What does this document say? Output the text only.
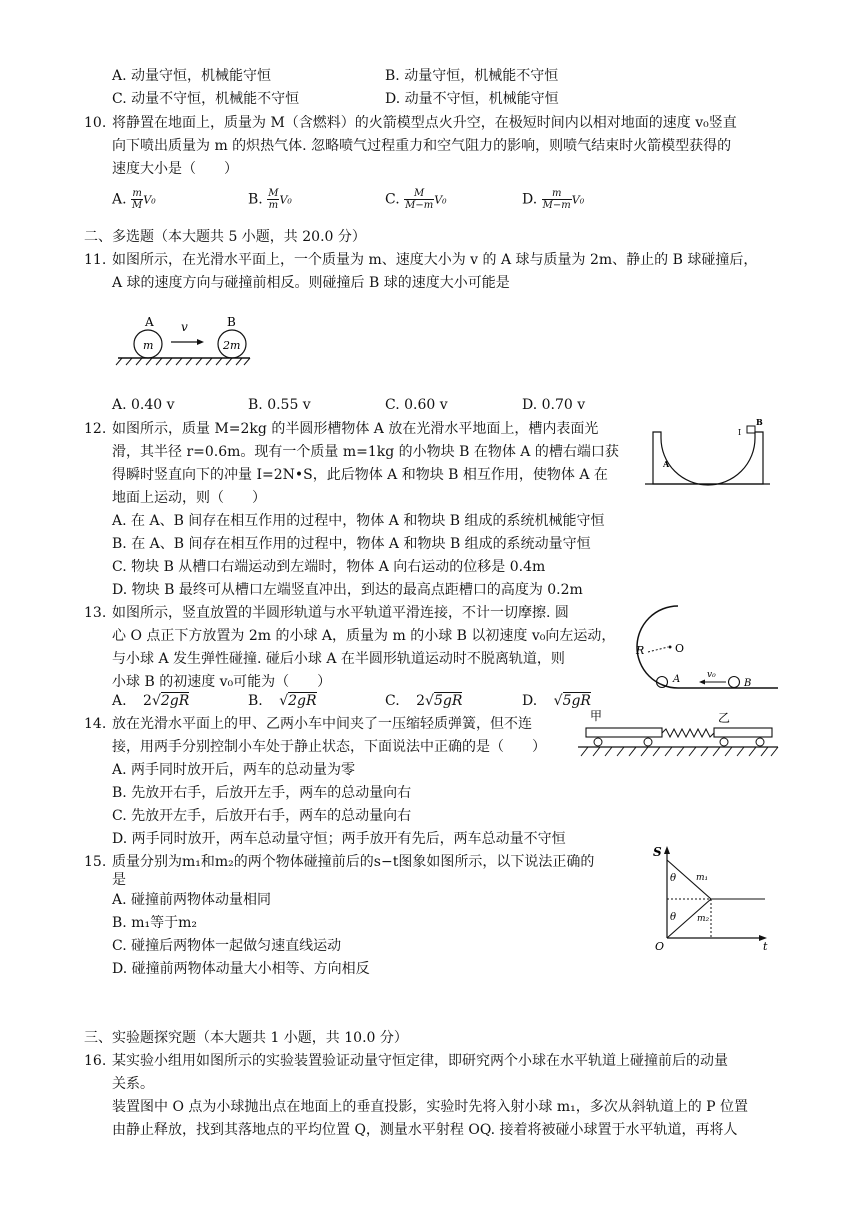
A. 动量守恒，机械能守恒	B. 动量守恒，机械能不守恒
C. 动量不守恒，机械能不守恒	D. 动量不守恒，机械能守恒
10. 将静置在地面上，质量为 M（含燃料）的火箭模型点火升空，在极短时间内以相对地面的速度 v₀竖直
向下喷出质量为 m 的炽热气体. 忽略喷气过程重力和空气阻力的影响，则喷气结束时火箭模型获得的
速度大小是（　　）
A. $\frac{m}{M} V_0$	B. $\frac{M}{m} V_0$	C. $\frac{M}{M-m} V_0$	D. $\frac{m}{M-m} V_0$
二、多选题（本大题共 5 小题，共 20.0 分）
11. 如图所示，在光滑水平面上，一个质量为 m、速度大小为 v 的 A 球与质量为 2m、静止的 B 球碰撞后，
A 球的速度方向与碰撞前相反。则碰撞后 B 球的速度大小可能是
A	B
v
m	2m
A. 0.40 v	B. 0.55 v	C. 0.60 v	D. 0.70 v
12. 如图所示，质量 M=2kg 的半圆形槽物体 A 放在光滑水平地面上，槽内表面光
滑，其半径 r=0.6m。现有一个质量 m=1kg 的小物块 B 在物体 A 的槽右端口获
得瞬时竖直向下的冲量 I=2N•S，此后物体 A 和物块 B 相互作用，使物体 A 在
地面上运动，则（　　）
B
I
A
A. 在 A、B 间存在相互作用的过程中，物体 A 和物块 B 组成的系统机械能守恒
B. 在 A、B 间存在相互作用的过程中，物体 A 和物块 B 组成的系统动量守恒
C. 物块 B 从槽口右端运动到左端时，物体 A 向右运动的位移是 0.4m
D. 物块 B 最终可从槽口左端竖直冲出，到达的最高点距槽口的高度为 0.2m
13. 如图所示，竖直放置的半圆形轨道与水平轨道平滑连接，不计一切摩擦. 圆
心 O 点正下方放置为 2m 的小球 A，质量为 m 的小球 B 以初速度 v₀向左运动，
与小球 A 发生弹性碰撞. 碰后小球 A 在半圆形轨道运动时不脱离轨道，则
小球 B 的初速度 v₀可能为（　　）
R	O
A	B
v₀
A. 2√2gR	B. √2gR	C. 2√5gR	D. √5gR
14. 放在光滑水平面上的甲、乙两小车中间夹了一压缩轻质弹簧，但不连
接，用两手分别控制小车处于静止状态，下面说法中正确的是（　　）
甲	乙
A. 两手同时放开后，两车的总动量为零
B. 先放开右手，后放开左手，两车的总动量向右
C. 先放开左手，后放开右手，两车的总动量向右
D. 两手同时放开，两车总动量守恒；两手放开有先后，两车总动量不守恒
15. 质量分别为m₁和m₂的两个物体碰撞前后的s−t图象如图所示，以下说法正确的
是
S
t
O
θ
θ
m₁
m₂
A. 碰撞前两物体动量相同
B. m₁等于m₂
C. 碰撞后两物体一起做匀速直线运动
D. 碰撞前两物体动量大小相等、方向相反
三、实验题探究题（本大题共 1 小题，共 10.0 分）
16. 某实验小组用如图所示的实验装置验证动量守恒定律，即研究两个小球在水平轨道上碰撞前后的动量
关系。
装置图中 O 点为小球抛出点在地面上的垂直投影，实验时先将入射小球 m₁，多次从斜轨道上的 P 位置
由静止释放，找到其落地点的平均位置 Q，测量水平射程 OQ. 接着将被碰小球置于水平轨道，再将人
